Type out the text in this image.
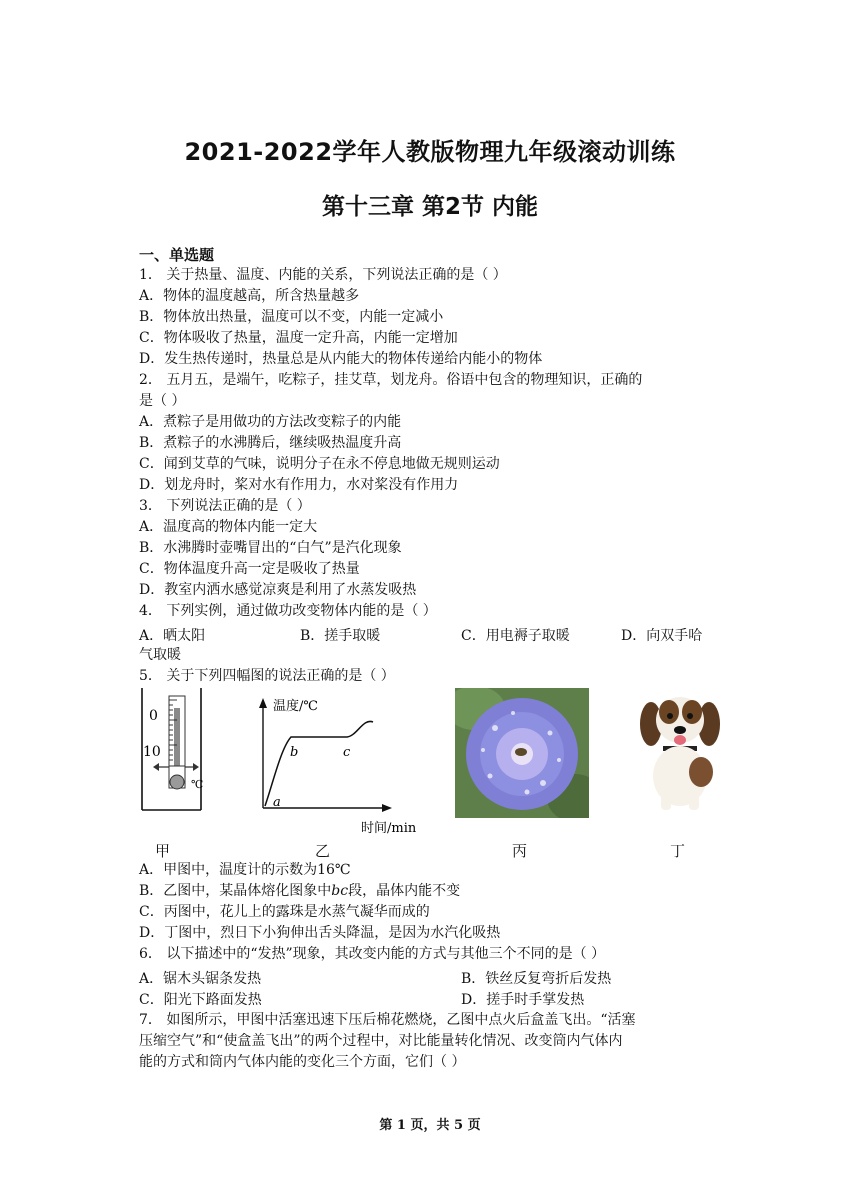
2021-2022学年人教版物理九年级滚动训练
第十三章 第2节 内能
一、单选题
1． 关于热量、温度、内能的关系，下列说法正确的是（ ）
A．物体的温度越高，所含热量越多
B．物体放出热量，温度可以不变，内能一定减小
C．物体吸收了热量，温度一定升高，内能一定增加
D．发生热传递时，热量总是从内能大的物体传递给内能小的物体
2． 五月五，是端午，吃粽子，挂艾草，划龙舟。俗语中包含的物理知识，正确的
是（ ）
A．煮粽子是用做功的方法改变粽子的内能
B．煮粽子的水沸腾后，继续吸热温度升高
C．闻到艾草的气味，说明分子在永不停息地做无规则运动
D．划龙舟时，桨对水有作用力，水对桨没有作用力
3． 下列说法正确的是（ ）
A．温度高的物体内能一定大
B．水沸腾时壶嘴冒出的“白气”是汽化现象
C．物体温度升高一定是吸收了热量
D．教室内洒水感觉凉爽是利用了水蒸发吸热
4． 下列实例，通过做功改变物体内能的是（ ）
A．晒太阳	B．搓手取暖	C．用电褥子取暖	D．向双手哈
气取暖
5． 关于下列四幅图的说法正确的是（ ）
0
10
℃
温度/℃
时间/min
a
b	c
甲	乙	丙	丁
A．甲图中，温度计的示数为16℃
B．乙图中，某晶体熔化图象中bc段，晶体内能不变
C．丙图中，花儿上的露珠是水蒸气凝华而成的
D．丁图中，烈日下小狗伸出舌头降温，是因为水汽化吸热
6． 以下描述中的“发热”现象，其改变内能的方式与其他三个不同的是（ ）
A．锯木头锯条发热	B．铁丝反复弯折后发热
C．阳光下路面发热	D．搓手时手掌发热
7． 如图所示，甲图中活塞迅速下压后棉花燃烧，乙图中点火后盒盖飞出。“活塞
压缩空气”和“使盒盖飞出”的两个过程中，对比能量转化情况、改变筒内气体内
能的方式和筒内气体内能的变化三个方面，它们（ ）
第 1 页，共 5 页
